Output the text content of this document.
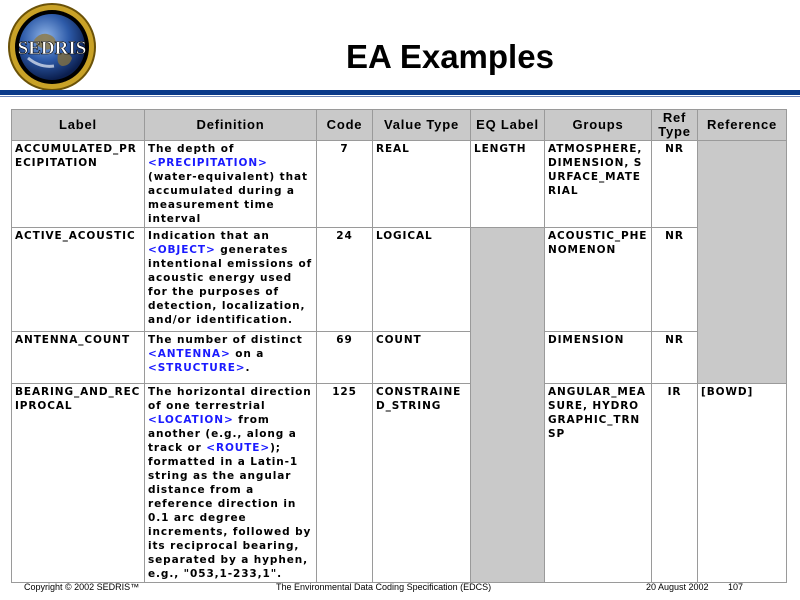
SEDRIS	EA Examples
Label	Definition	Code	Value Type	EQ Label	Groups	Ref Type	Reference
ACCUMULATED_PRECIPITATION	The depth of <PRECIPITATION> (water-equivalent) that accumulated during a measurement time interval	7	REAL	LENGTH	ATMOSPHERE, DIMENSION, SURFACE_MATERIAL	NR	
ACTIVE_ACOUSTIC	Indication that an <OBJECT> generates intentional emissions of acoustic energy used for the purposes of detection, localization, and/or identification.	24	LOGICAL		ACOUSTIC_PHENOMENON	NR	
ANTENNA_COUNT	The number of distinct <ANTENNA> on a <STRUCTURE>.	69	COUNT		DIMENSION	NR	
BEARING_AND_RECIPROCAL	The horizontal direction of one terrestrial <LOCATION> from another (e.g., along a track or <ROUTE>); formatted in a Latin-1 string as the angular distance from a reference direction in 0.1 arc degree increments, followed by its reciprocal bearing, separated by a hyphen, e.g., "053,1-233,1".	125	CONSTRAINED_STRING		ANGULAR_MEASURE, HYDROGRAPHIC_TRNSP	IR	[BOWD]
Copyright © 2002 SEDRIS™	The Environmental Data Coding Specification (EDCS)	20 August 2002 107
